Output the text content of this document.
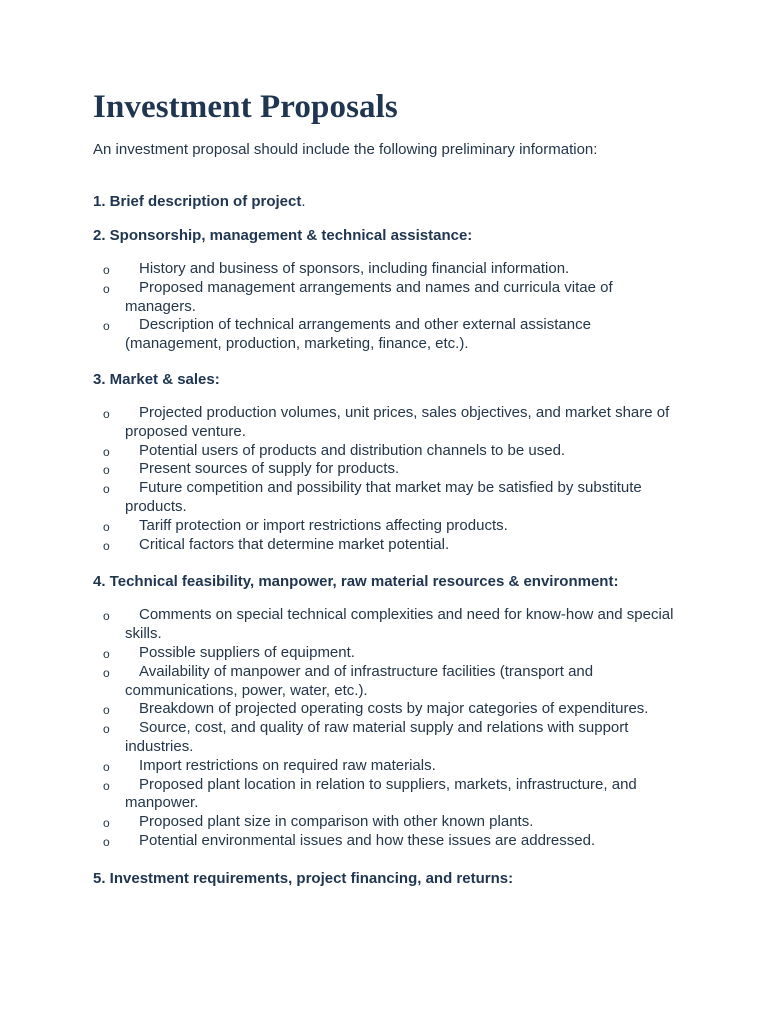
Investment Proposals

An investment proposal should include the following preliminary information:

1. Brief description of project.

2. Sponsorship, management & technical assistance:

o History and business of sponsors, including financial information.
o Proposed management arrangements and names and curricula vitae of managers.
o Description of technical arrangements and other external assistance (management, production, marketing, finance, etc.).

3. Market & sales:

o Projected production volumes, unit prices, sales objectives, and market share of proposed venture.
o Potential users of products and distribution channels to be used.
o Present sources of supply for products.
o Future competition and possibility that market may be satisfied by substitute products.
o Tariff protection or import restrictions affecting products.
o Critical factors that determine market potential.

4. Technical feasibility, manpower, raw material resources & environment:

o Comments on special technical complexities and need for know-how and special skills.
o Possible suppliers of equipment.
o Availability of manpower and of infrastructure facilities (transport and communications, power, water, etc.).
o Breakdown of projected operating costs by major categories of expenditures.
o Source, cost, and quality of raw material supply and relations with support industries.
o Import restrictions on required raw materials.
o Proposed plant location in relation to suppliers, markets, infrastructure, and manpower.
o Proposed plant size in comparison with other known plants.
o Potential environmental issues and how these issues are addressed.

5. Investment requirements, project financing, and returns:
